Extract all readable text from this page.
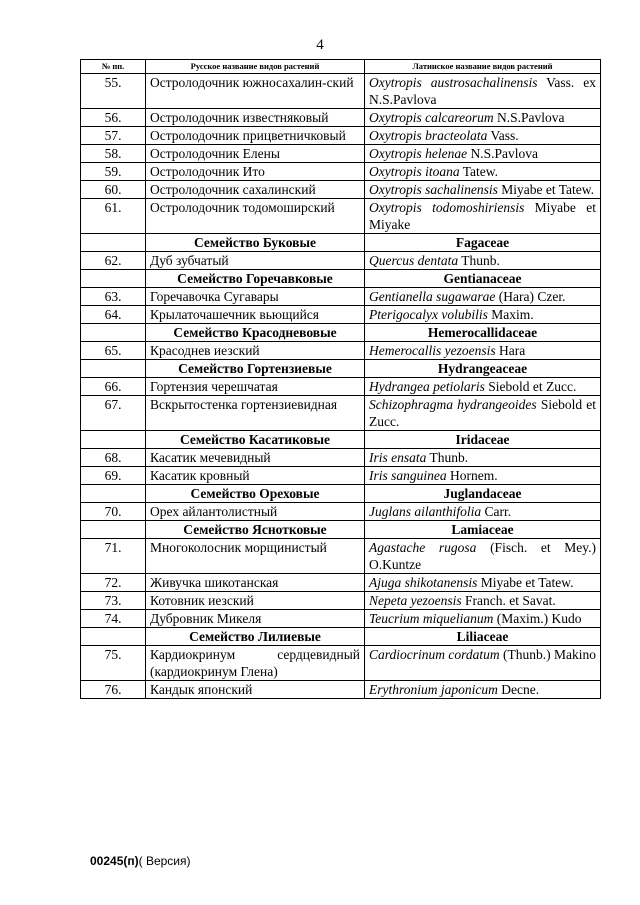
4
№ пп.	Русское название видов растений	Латинское название видов растений
55.	Остролодочник южносахалин-ский	Oxytropis austrosachalinensis Vass. ex N.S.Pavlova
56.	Остролодочник известняковый	Oxytropis calcareorum N.S.Pavlova
57.	Остролодочник прицветничковый	Oxytropis bracteolata Vass.
58.	Остролодочник Елены	Oxytropis helenae N.S.Pavlova
59.	Остролодочник Ито	Oxytropis itoana Tatew.
60.	Остролодочник сахалинский	Oxytropis sachalinensis Miyabe et Tatew.
61.	Остролодочник тодомоширский	Oxytropis todomoshiriensis Miyabe et Miyake
	Семейство Буковые	Fagaceae
62.	Дуб зубчатый	Quercus dentata Thunb.
	Семейство Горечавковые	Gentianaceae
63.	Горечавочка Сугавары	Gentianella sugawarae (Hara) Czer.
64.	Крылаточашечник вьющийся	Pterigocalyx volubilis Maxim.
	Семейство Красодневовые	Hemerocallidaceae
65.	Красоднев иезский	Hemerocallis yezoensis Hara
	Семейство Гортензиевые	Hydrangeaceae
66.	Гортензия черешчатая	Hydrangea petiolaris Siebold et Zucc.
67.	Вскрытостенка гортензиевидная	Schizophragma hydrangeoides Siebold et Zucc.
	Семейство Касатиковые	Iridaceae
68.	Касатик мечевидный	Iris ensata Thunb.
69.	Касатик кровный	Iris sanguinea Hornem.
	Семейство Ореховые	Juglandaceae
70.	Орех айлантолистный	Juglans ailanthifolia Carr.
	Семейство Яснотковые	Lamiaceae
71.	Многоколосник морщинистый	Agastache rugosa (Fisch. et Mey.) O.Kuntze
72.	Живучка шикотанская	Ajuga shikotanensis Miyabe et Tatew.
73.	Котовник иезский	Nepeta yezoensis Franch. et Savat.
74.	Дубровник Микеля	Teucrium miquelianum (Maxim.) Kudo
	Семейство Лилиевые	Liliaceae
75.	Кардиокринум сердцевидный (кардиокринум Глена)	Cardiocrinum cordatum (Thunb.) Makino
76.	Кандык японский	Erythronium japonicum Decne.
00245(п)( Версия)
